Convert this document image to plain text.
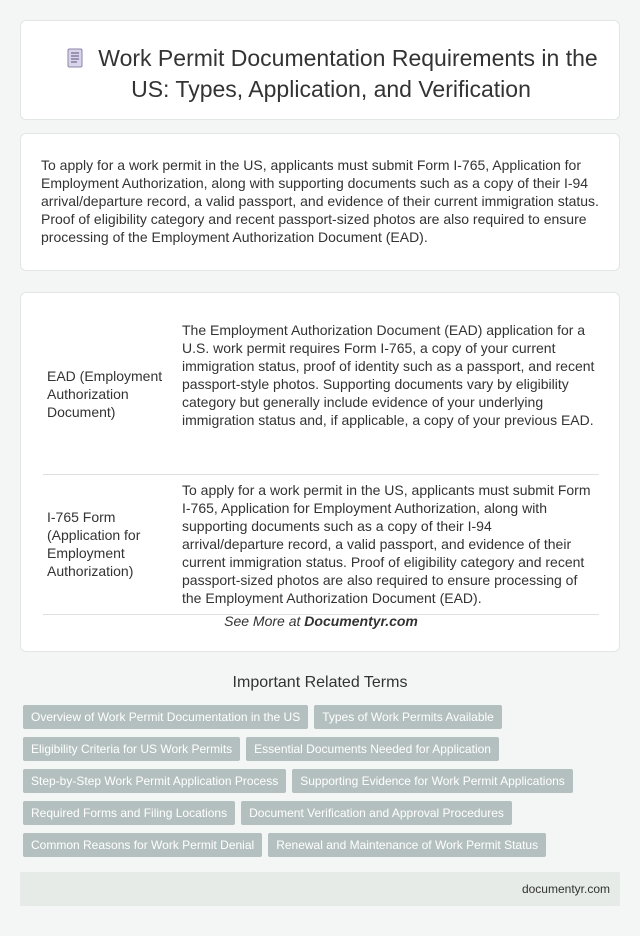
Work Permit Documentation Requirements in the US: Types, Application, and Verification

To apply for a work permit in the US, applicants must submit Form I-765, Application for Employment Authorization, along with supporting documents such as a copy of their I-94 arrival/departure record, a valid passport, and evidence of their current immigration status. Proof of eligibility category and recent passport-sized photos are also required to ensure processing of the Employment Authorization Document (EAD).

EAD (Employment Authorization Document)	The Employment Authorization Document (EAD) application for a U.S. work permit requires Form I-765, a copy of your current immigration status, proof of identity such as a passport, and recent passport-style photos. Supporting documents vary by eligibility category but generally include evidence of your underlying immigration status and, if applicable, a copy of your previous EAD.
I-765 Form (Application for Employment Authorization)	To apply for a work permit in the US, applicants must submit Form I-765, Application for Employment Authorization, along with supporting documents such as a copy of their I-94 arrival/departure record, a valid passport, and evidence of their current immigration status. Proof of eligibility category and recent passport-sized photos are also required to ensure processing of the Employment Authorization Document (EAD).
See More at Documentyr.com
Important Related Terms
Overview of Work Permit Documentation in the US	Types of Work Permits Available
Eligibility Criteria for US Work Permits	Essential Documents Needed for Application
Step-by-Step Work Permit Application Process	Supporting Evidence for Work Permit Applications
Required Forms and Filing Locations	Document Verification and Approval Procedures
Common Reasons for Work Permit Denial	Renewal and Maintenance of Work Permit Status
documentyr.com
